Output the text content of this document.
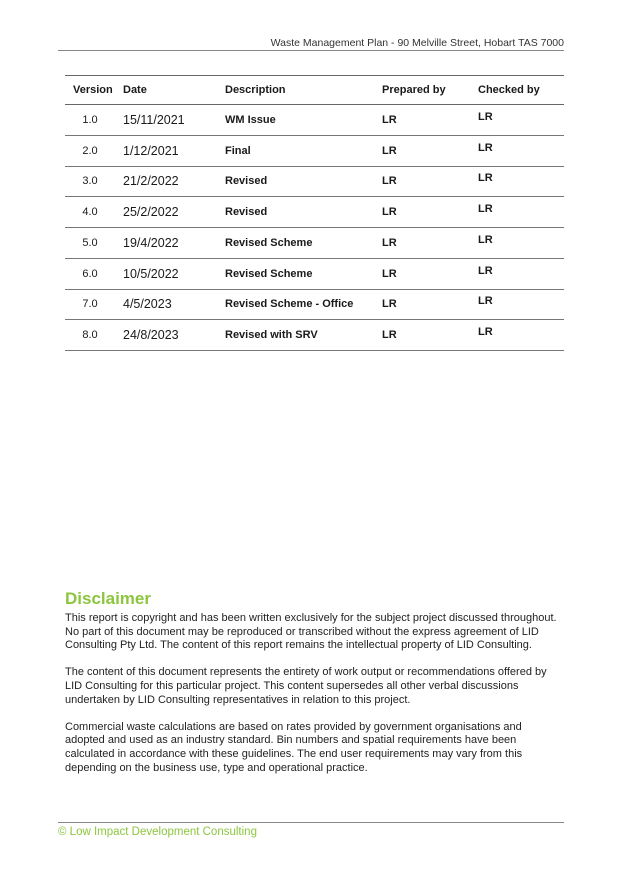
Waste Management Plan - 90 Melville Street, Hobart TAS 7000
Version	Date	Description	Prepared by	Checked by
1.0	15/11/2021	WM Issue	LR	LR
2.0	1/12/2021	Final	LR	LR
3.0	21/2/2022	Revised	LR	LR
4.0	25/2/2022	Revised	LR	LR
5.0	19/4/2022	Revised Scheme	LR	LR
6.0	10/5/2022	Revised Scheme	LR	LR
7.0	4/5/2023	Revised Scheme - Office	LR	LR
8.0	24/8/2023	Revised with SRV	LR	LR
Disclaimer

This report is copyright and has been written exclusively for the subject project discussed throughout. No part of this document may be reproduced or transcribed without the express agreement of LID Consulting Pty Ltd. The content of this report remains the intellectual property of LID Consulting.

The content of this document represents the entirety of work output or recommendations offered by LID Consulting for this particular project. This content supersedes all other verbal discussions undertaken by LID Consulting representatives in relation to this project.

Commercial waste calculations are based on rates provided by government organisations and adopted and used as an industry standard. Bin numbers and spatial requirements have been calculated in accordance with these guidelines. The end user requirements may vary from this depending on the business use, type and operational practice.

© Low Impact Development Consulting
